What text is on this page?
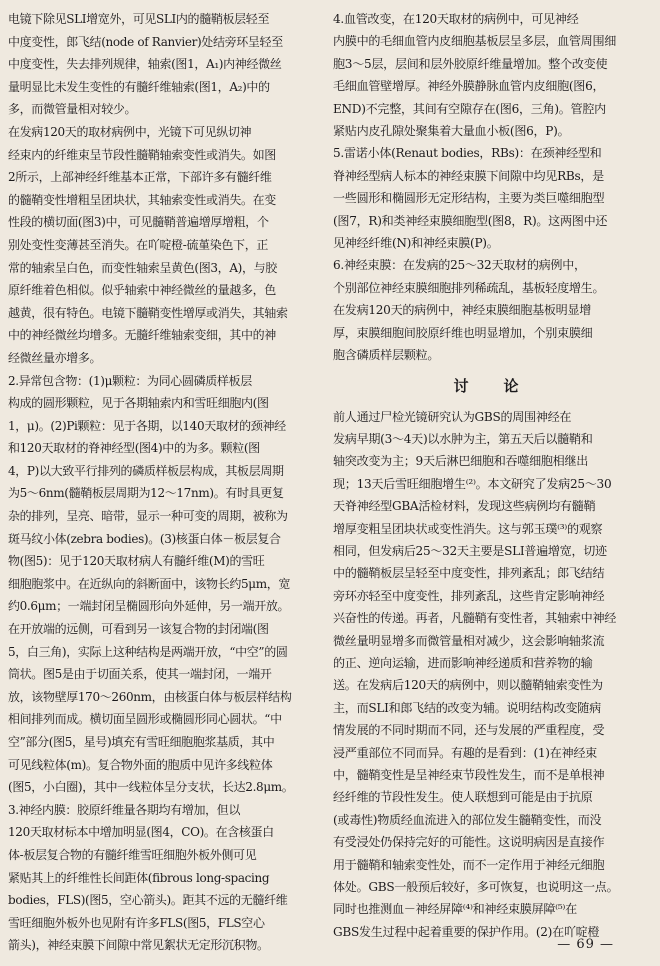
电镜下除见SLI增宽外，可见SLI内的髓鞘板层轻至
中度变性，郎飞结(node of Ranvier)处结旁环呈轻至
中度变性，失去排列规律，轴索(图1，A₁)内神经微丝
量明显比未发生变性的有髓纤维轴索(图1，A₂)中的
多，而微管量相对较少。

在发病120天的取材病例中，光镜下可见纵切神
经束内的纤维束呈节段性髓鞘轴索变性或消失。如图
2所示，上部神经纤维基本正常，下部许多有髓纤维
的髓鞘变性增粗呈团块状，其轴索变性或消失。在变
性段的横切面(图3)中，可见髓鞘普遍增厚增粗，个
别处变性变薄甚至消失。在吖啶橙-硫堇染色下，正
常的轴索呈白色，而变性轴索呈黄色(图3，A)，与胶
原纤维着色相似。似乎轴索中神经微丝的量越多，色
越黄，很有特色。电镜下髓鞘变性增厚或消失，其轴索
中的神经微丝均增多。无髓纤维轴索变细，其中的神
经微丝量亦增多。

2.异常包含物：(1)μ颗粒：为同心圆磷质样板层
构成的圆形颗粒，见于各期轴索内和雪旺细胞内(图
1，μ)。(2)Pi颗粒：见于各期，以140天取材的颈神经
和120天取材的脊神经型(图4)中的为多。颗粒(图
4，P)以大致平行排列的磷质样板层构成，其板层周期
为5～6nm(髓鞘板层周期为12～17nm)。有时具更复
杂的排列，呈亮、暗带，显示一种可变的周期，被称为
斑马纹小体(zebra bodies)。(3)核蛋白体－板层复合
物(图5)：见于120天取材病人有髓纤维(M)的雪旺
细胞胞浆中。在近纵向的斜断面中，该物长约5μm，宽
约0.6μm；一端封闭呈椭圆形向外延伸，另一端开放。
在开放端的远侧，可看到另一该复合物的封闭端(图
5，白三角)，实际上这种结构是两端开放，“中空”的圆
筒状。图5是由于切面关系，使其一端封闭，一端开
放，该物壁厚170～260nm，由核蛋白体与板层样结构
相间排列而成。横切面呈圆形或椭圆形同心圆状。“中
空”部分(图5，星号)填充有雪旺细胞胞浆基质，其中
可见线粒体(m)。复合物外面的胞质中见许多线粒体
(图5，小白圈)，其中一线粒体呈分支状，长达2.8μm。

3.神经内膜：胶原纤维量各期均有增加，但以
120天取材标本中增加明显(图4，CO)。在含核蛋白
体-板层复合物的有髓纤维雪旺细胞外板外侧可见
紧贴其上的纤维性长间距体(fibrous long-spacing
bodies，FLS)(图5，空心箭头)。距其不远的无髓纤维
雪旺细胞外板外也见附有许多FLS(图5，FLS空心
箭头)，神经束膜下间隙中常见絮状无定形沉积物。

4.血管改变，在120天取材的病例中，可见神经
内膜中的毛细血管内皮细胞基板层呈多层，血管周围细
胞3～5层，层间和层外胶原纤维量增加。整个改变使
毛细血管壁增厚。神经外膜静脉血管内皮细胞(图6，
END)不完整，其间有空隙存在(图6，三角)。管腔内
紧贴内皮孔隙处聚集着大量血小板(图6，P)。

5.雷诺小体(Renaut bodies，RBs)：在颈神经型和
脊神经型病人标本的神经束膜下间隙中均见RBs，是
一些圆形和椭圆形无定形结构，主要为类巨噬细胞型
(图7，R)和类神经束膜细胞型(图8，R)。这两图中还
见神经纤维(N)和神经束膜(P)。

6.神经束膜：在发病的25～32天取材的病例中，
个别部位神经束膜细胞排列稀疏乱，基板轻度增生。
在发病120天的病例中，神经束膜细胞基板明显增
厚，束膜细胞间胶原纤维也明显增加，个别束膜细
胞含磷质样层颗粒。

讨　论

前人通过尸检光镜研究认为GBS的周围神经在
发病早期(3～4天)以水肿为主，第五天后以髓鞘和
轴突改变为主；9天后淋巴细胞和吞噬细胞相继出
现；13天后雪旺细胞增生⁽²⁾。本文研究了发病25～30
天脊神经型GBA活检材料，发现这些病例均有髓鞘
增厚变粗呈团块状或变性消失。这与郭玉璞⁽³⁾的观察
相同，但发病后25～32天主要是SLI普遍增宽，切迹
中的髓鞘板层呈轻至中度变性，排列紊乱；郎飞结结
旁环亦轻至中度变性，排列紊乱，这些肯定影响神经
兴奋性的传递。再者，凡髓鞘有变性者，其轴索中神经
微丝量明显增多而微管量相对减少，这会影响轴浆流
的正、逆向运输，进而影响神经递质和营养物的输
送。在发病后120天的病例中，则以髓鞘轴索变性为
主，而SLI和郎飞结的改变为辅。说明结构改变随病
情发展的不同时期而不同，还与发展的严重程度，受
浸严重部位不同而异。有趣的是看到：(1)在神经束
中，髓鞘变性是呈神经束节段性发生，而不是单根神
经纤维的节段性发生。使人联想到可能是由于抗原
(或毒性)物质经血流进入的部位发生髓鞘变性，而没
有受浸处仍保持完好的可能性。这说明病因是直接作
用于髓鞘和轴索变性处，而不一定作用于神经元细胞
体处。GBS一般预后较好，多可恢复，也说明这一点。
同时也推测血－神经屏障⁽⁴⁾和神经束膜屏障⁽⁵⁾在
GBS发生过程中起着重要的保护作用。(2)在吖啶橙

— 69 —
